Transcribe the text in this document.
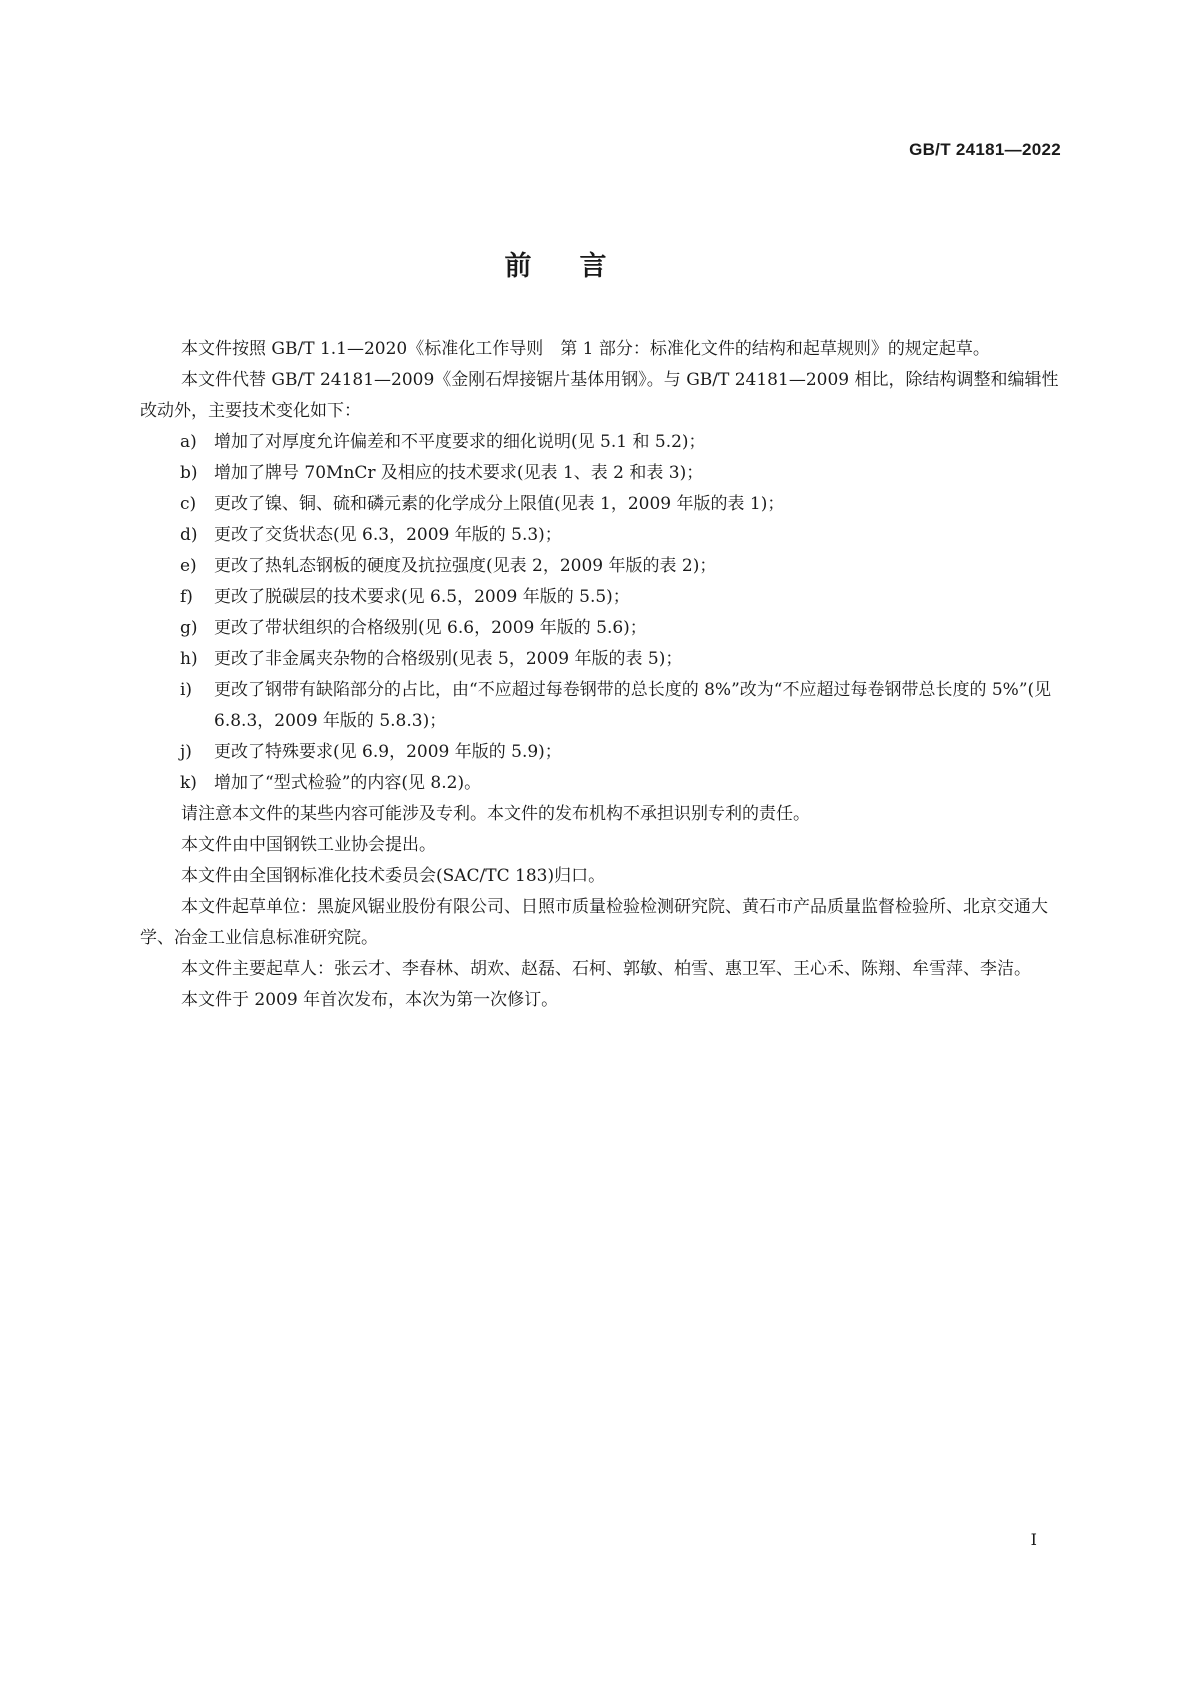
GB/T 24181—2022
前言

本文件按照 GB/T 1.1—2020《标准化工作导则　第 1 部分：标准化文件的结构和起草规则》的规定起草。

本文件代替 GB/T 24181—2009《金刚石焊接锯片基体用钢》。与 GB/T 24181—2009 相比，除结构调整和编辑性改动外，主要技术变化如下：

a) 增加了对厚度允许偏差和不平度要求的细化说明(见 5.1 和 5.2)；
b) 增加了牌号 70MnCr 及相应的技术要求(见表 1、表 2 和表 3)；
c) 更改了镍、铜、硫和磷元素的化学成分上限值(见表 1，2009 年版的表 1)；
d) 更改了交货状态(见 6.3，2009 年版的 5.3)；
e) 更改了热轧态钢板的硬度及抗拉强度(见表 2，2009 年版的表 2)；
f) 更改了脱碳层的技术要求(见 6.5，2009 年版的 5.5)；
g) 更改了带状组织的合格级别(见 6.6，2009 年版的 5.6)；
h) 更改了非金属夹杂物的合格级别(见表 5，2009 年版的表 5)；
i) 更改了钢带有缺陷部分的占比，由“不应超过每卷钢带的总长度的 8%”改为“不应超过每卷钢带总长度的 5%”(见 6.8.3，2009 年版的 5.8.3)；
j) 更改了特殊要求(见 6.9，2009 年版的 5.9)；
k) 增加了“型式检验”的内容(见 8.2)。

请注意本文件的某些内容可能涉及专利。本文件的发布机构不承担识别专利的责任。

本文件由中国钢铁工业协会提出。

本文件由全国钢标准化技术委员会(SAC/TC 183)归口。

本文件起草单位：黑旋风锯业股份有限公司、日照市质量检验检测研究院、黄石市产品质量监督检验所、北京交通大学、冶金工业信息标准研究院。

本文件主要起草人：张云才、李春林、胡欢、赵磊、石柯、郭敏、柏雪、惠卫军、王心禾、陈翔、牟雪萍、李洁。

本文件于 2009 年首次发布，本次为第一次修订。

I
